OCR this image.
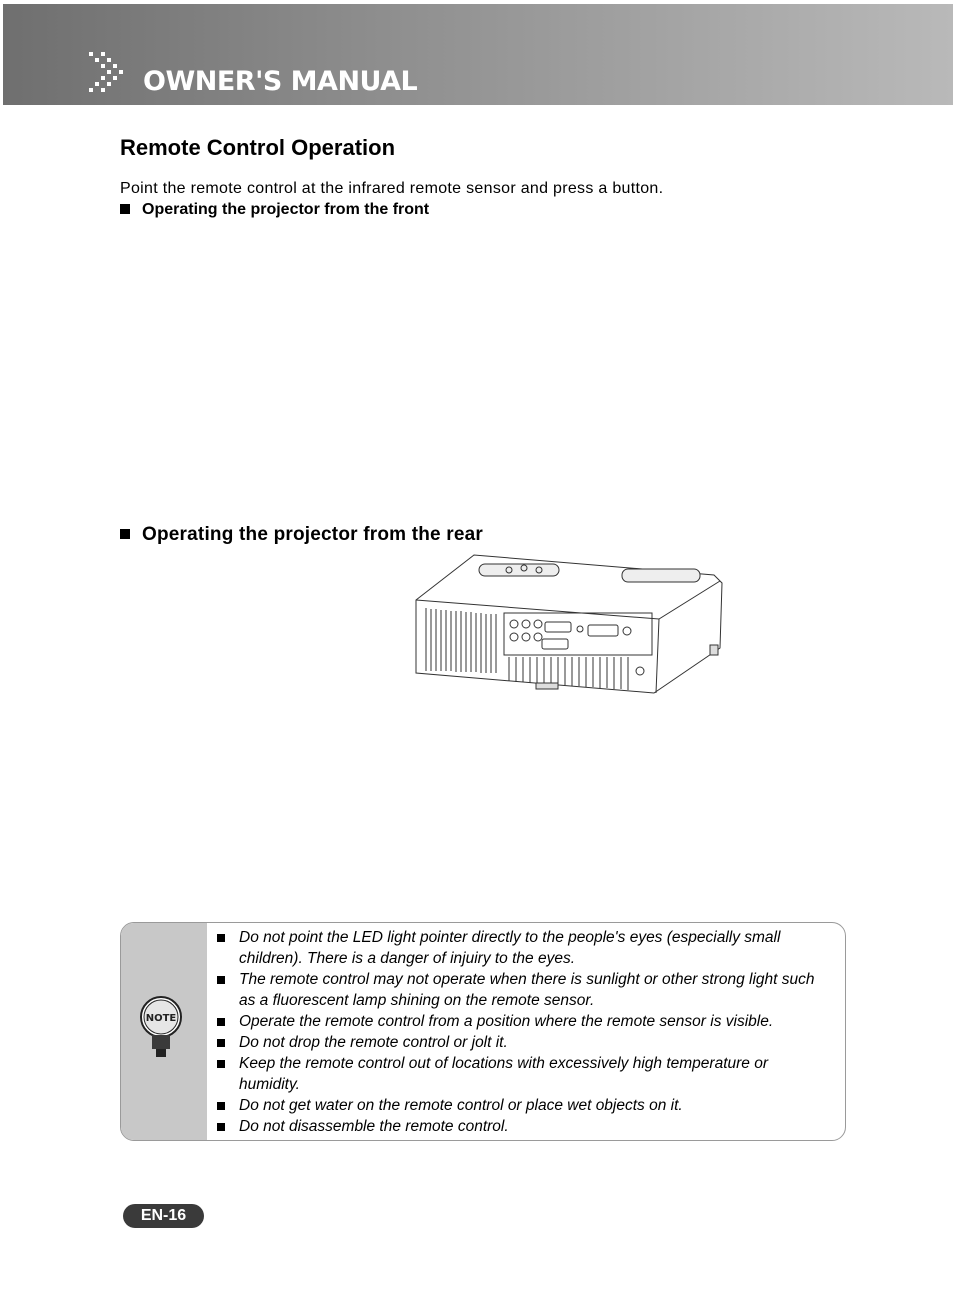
OWNER'S MANUAL
Remote Control Operation
Point the remote control at the infrared remote sensor and press a button.
Operating the projector from the front
Operating the projector from the rear
NOTE
Do not point the LED light pointer directly to the people's eyes (especially small children). There is a danger of injuiry to the eyes.
The remote control may not operate when there is sunlight or other strong light such as a fluorescent lamp shining on the remote sensor.
Operate the remote control from a position where the remote sensor is visible.
Do not drop the remote control or jolt it.
Keep the remote control out of locations with excessively high temperature or humidity.
Do not get water on the remote control or place wet objects on it.
Do not disassemble the remote control.
EN-16
